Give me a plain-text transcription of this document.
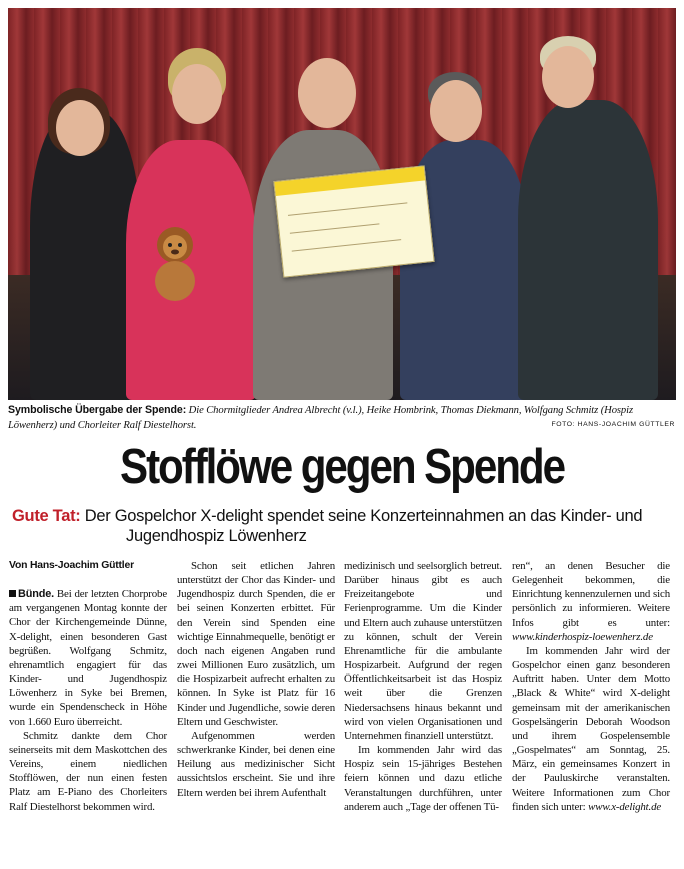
Symbolische Übergabe der Spende: Die Chormitglieder Andrea Albrecht (v.l.), Heike Hombrink, Thomas Diekmann, Wolfgang Schmitz (Hospiz Löwenherz) und Chorleiter Ralf Diestelhorst.	FOTO: HANS-JOACHIM GÜTTLER
Stofflöwe gegen Spende
Gute Tat: Der Gospelchor X-delight spendet seine Konzerteinnahmen an das Kinder- und
Jugendhospiz Löwenherz
Von Hans-Joachim Güttler

Bünde. Bei der letzten Chorprobe am vergangenen Montag konnte der Chor der Kirchengemeinde Dünne, X-delight, einen besonderen Gast begrüßen. Wolfgang Schmitz, ehrenamtlich engagiert für das Kinder- und Jugendhospiz Löwenherz in Syke bei Bremen, wurde ein Spendenscheck in Höhe von 1.660 Euro überreicht.

Schmitz dankte dem Chor seinerseits mit dem Maskottchen des Vereins, einem niedlichen Stofflöwen, der nun einen festen Platz am E-Piano des Chorleiters Ralf Diestelhorst bekommen wird.

Schon seit etlichen Jahren unterstützt der Chor das Kinder- und Jugendhospiz durch Spenden, die er bei seinen Konzerten erbittet. Für den Verein sind Spenden eine wichtige Einnahmequelle, benötigt er doch nach eigenen Angaben rund zwei Millionen Euro zusätzlich, um die Hospizarbeit aufrecht erhalten zu können. In Syke ist Platz für 16 Kinder und Jugendliche, sowie deren Eltern und Geschwister.

Aufgenommen werden schwerkranke Kinder, bei denen eine Heilung aus medizinischer Sicht aussichtslos erscheint. Sie und ihre Eltern werden bei ihrem Aufenthalt

medizinisch und seelsorglich betreut. Darüber hinaus gibt es auch Freizeitangebote und Ferienprogramme. Um die Kinder und Eltern auch zuhause unterstützen zu können, schult der Verein Ehrenamtliche für die ambulante Hospizarbeit. Aufgrund der regen Öffentlichkeitsarbeit ist das Hospiz weit über die Grenzen Niedersachsens hinaus bekannt und wird von vielen Organisationen und Unternehmen finanziell unterstützt.

Im kommenden Jahr wird das Hospiz sein 15-jähriges Bestehen feiern können und dazu etliche Veranstaltungen durchführen, unter anderem auch „Tage der offenen Tü-

ren“, an denen Besucher die Gelegenheit bekommen, die Einrichtung kennenzulernen und sich persönlich zu informieren. Weitere Infos gibt es unter: www.kinderhospiz-loewenherz.de

Im kommenden Jahr wird der Gospelchor einen ganz besonderen Auftritt haben. Unter dem Motto „Black & White“ wird X-delight gemeinsam mit der amerikanischen Gospelsängerin Deborah Woodson und ihrem Gospelensemble „Gospelmates“ am Sonntag, 25. März, ein gemeinsames Konzert in der Pauluskirche veranstalten. Weitere Informationen zum Chor finden sich unter: www.x-delight.de
